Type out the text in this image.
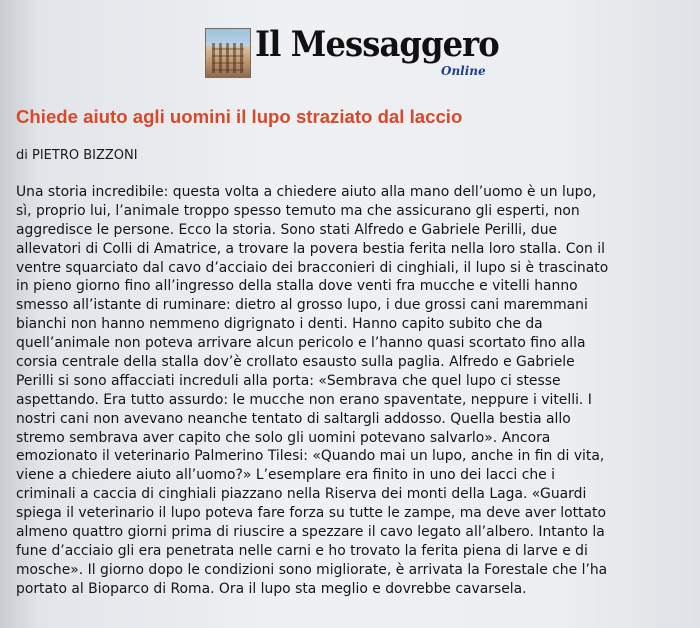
Il Messaggero
Online
Chiede aiuto agli uomini il lupo straziato dal laccio

di PIETRO BIZZONI

Una storia incredibile: questa volta a chiedere aiuto alla mano dell’uomo è un lupo,
sì, proprio lui, l’animale troppo spesso temuto ma che assicurano gli esperti, non
aggredisce le persone. Ecco la storia. Sono stati Alfredo e Gabriele Perilli, due
allevatori di Colli di Amatrice, a trovare la povera bestia ferita nella loro stalla. Con il
ventre squarciato dal cavo d’acciaio dei bracconieri di cinghiali, il lupo si è trascinato
in pieno giorno fino all’ingresso della stalla dove venti fra mucche e vitelli hanno
smesso all’istante di ruminare: dietro al grosso lupo, i due grossi cani maremmani
bianchi non hanno nemmeno digrignato i denti. Hanno capito subito che da
quell’animale non poteva arrivare alcun pericolo e l’hanno quasi scortato fino alla
corsia centrale della stalla dov’è crollato esausto sulla paglia. Alfredo e Gabriele
Perilli si sono affacciati increduli alla porta: «Sembrava che quel lupo ci stesse
aspettando. Era tutto assurdo: le mucche non erano spaventate, neppure i vitelli. I
nostri cani non avevano neanche tentato di saltargli addosso. Quella bestia allo
stremo sembrava aver capito che solo gli uomini potevano salvarlo». Ancora
emozionato il veterinario Palmerino Tilesi: «Quando mai un lupo, anche in fin di vita,
viene a chiedere aiuto all’uomo?» L’esemplare era finito in uno dei lacci che i
criminali a caccia di cinghiali piazzano nella Riserva dei monti della Laga. «Guardi
spiega il veterinario il lupo poteva fare forza su tutte le zampe, ma deve aver lottato
almeno quattro giorni prima di riuscire a spezzare il cavo legato all’albero. Intanto la
fune d’acciaio gli era penetrata nelle carni e ho trovato la ferita piena di larve e di
mosche». Il giorno dopo le condizioni sono migliorate, è arrivata la Forestale che l’ha
portato al Bioparco di Roma. Ora il lupo sta meglio e dovrebbe cavarsela.
